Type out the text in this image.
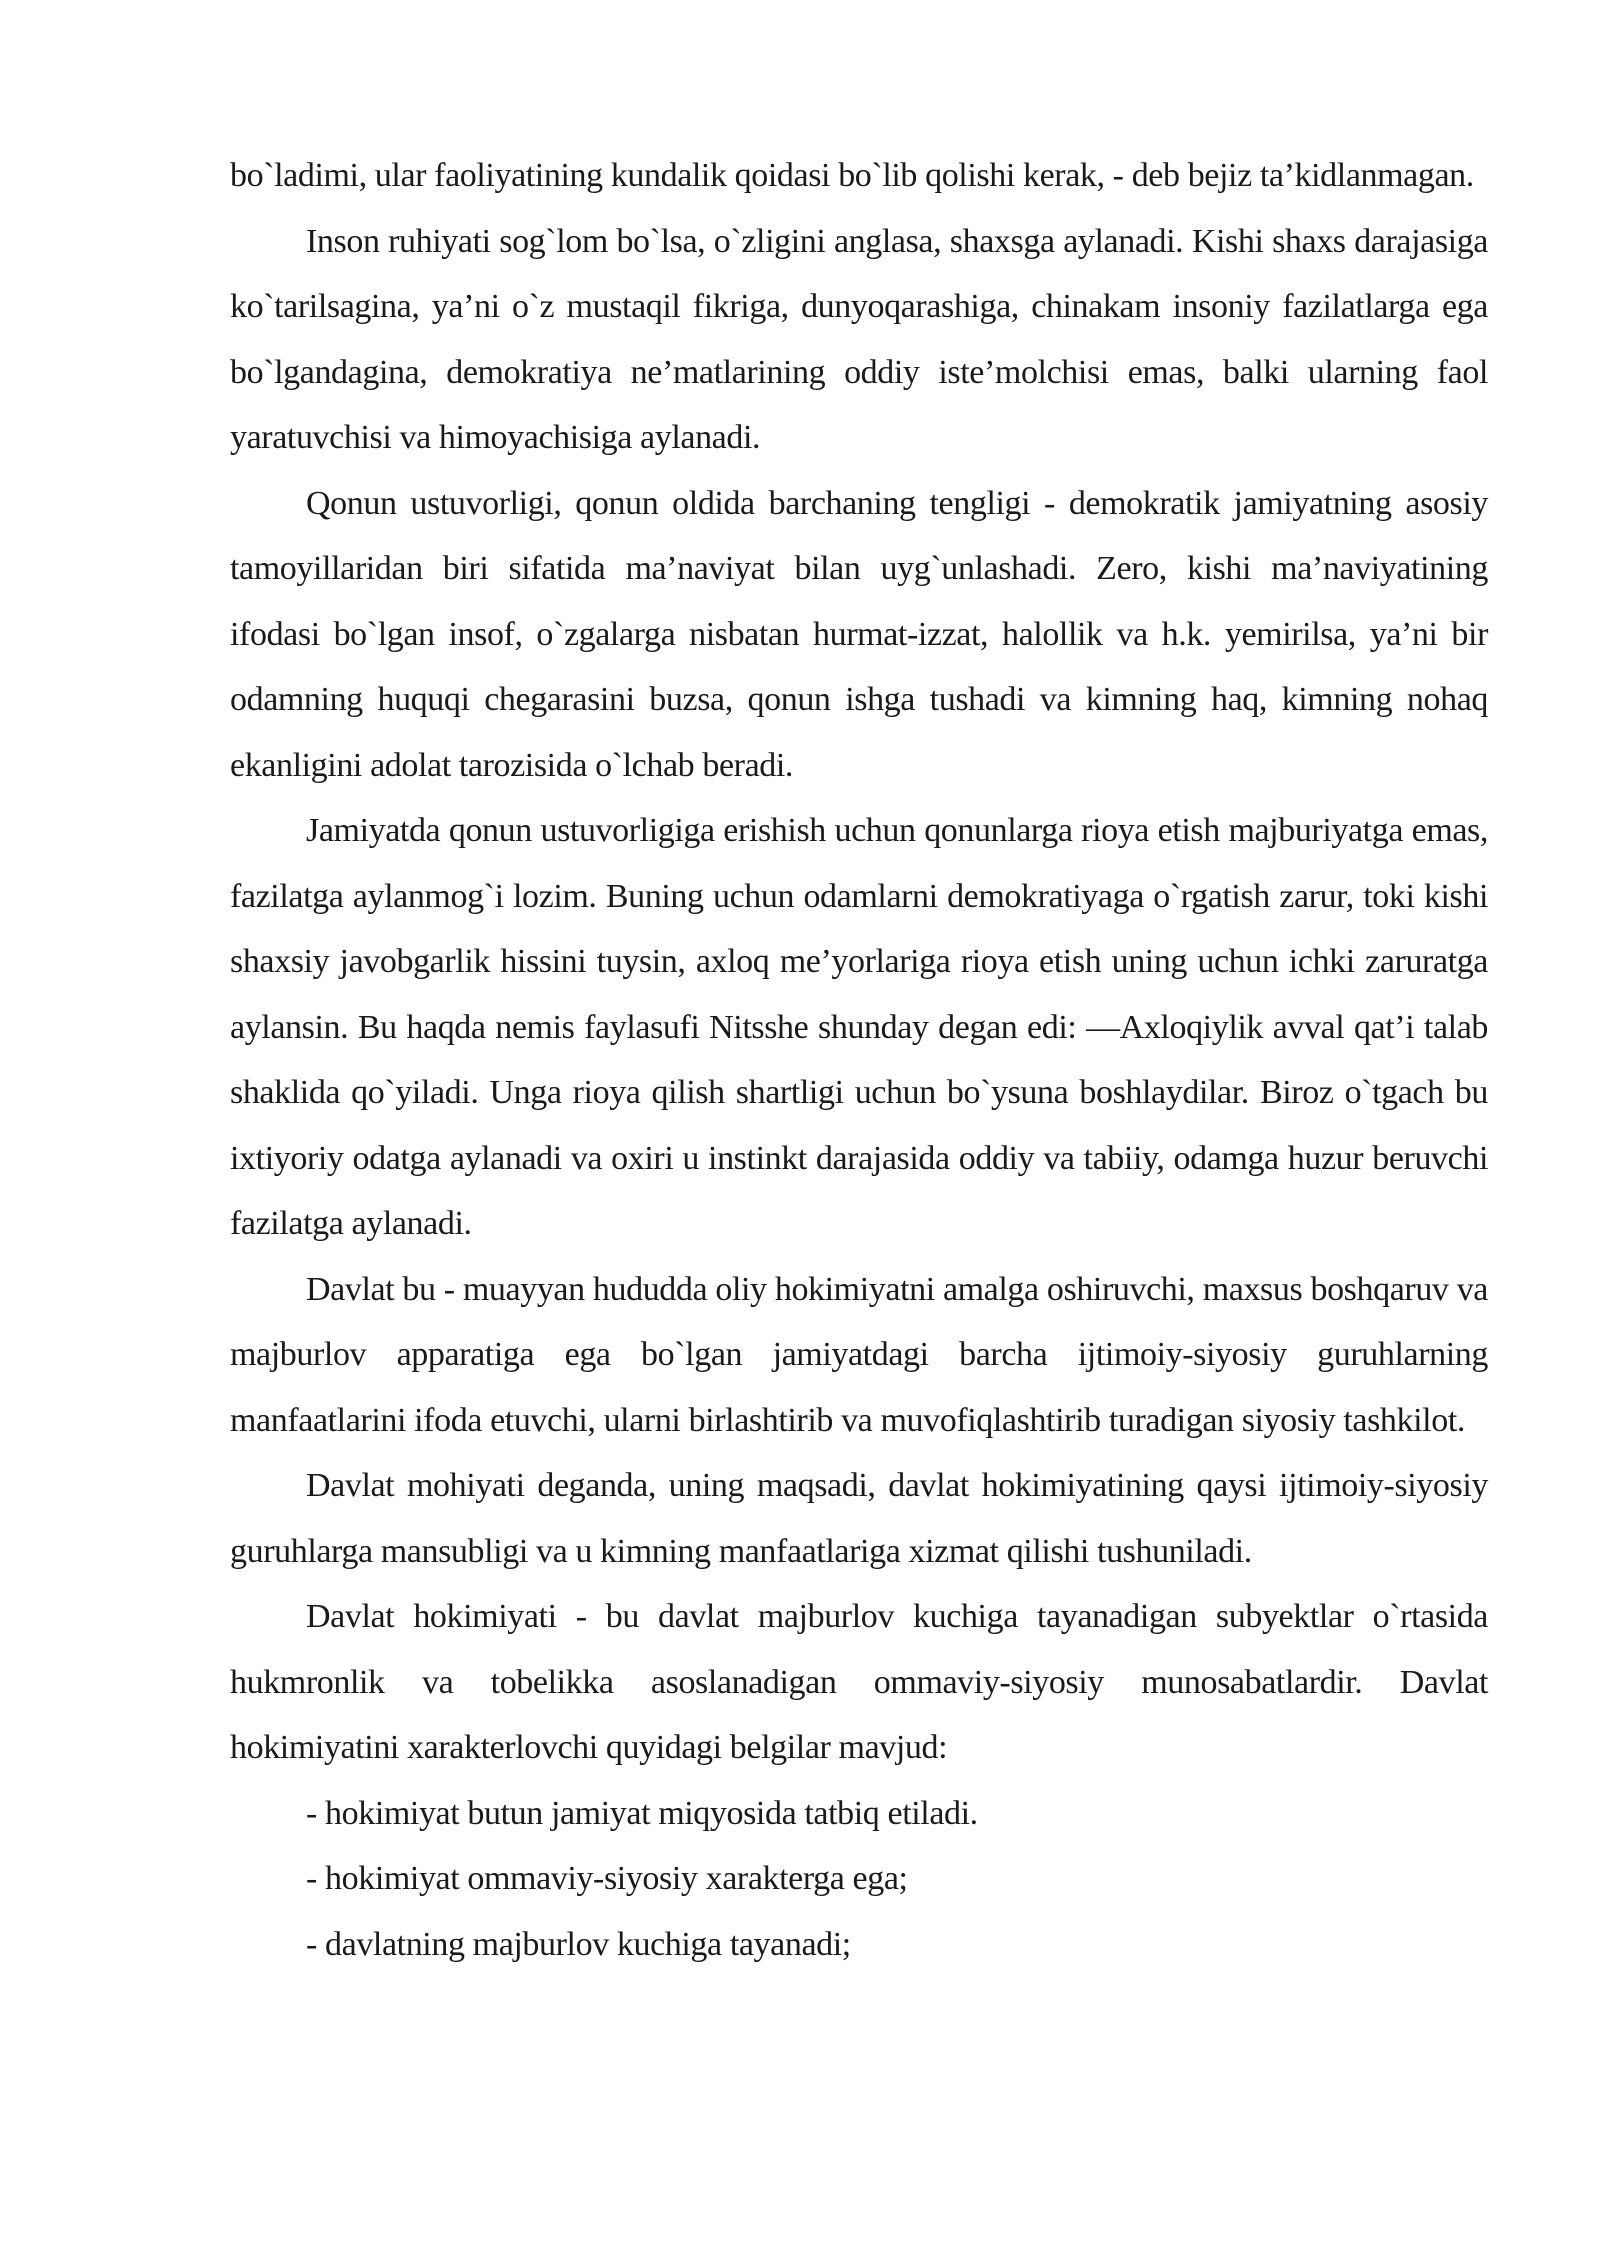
bo`ladimi, ular faoliyatining kundalik qoidasi bo`lib qolishi kerak, - deb bejiz ta’kidlanmagan.

Inson ruhiyati sog`lom bo`lsa, o`zligini anglasa, shaxsga aylanadi. Kishi shaxs darajasiga ko`tarilsagina, ya’ni o`z mustaqil fikriga, dunyoqarashiga, chinakam insoniy fazilatlarga ega bo`lgandagina, demokratiya ne’matlarining oddiy iste’molchisi emas, balki ularning faol yaratuvchisi va himoyachisiga aylanadi.

Qonun ustuvorligi, qonun oldida barchaning tengligi - demokratik jamiyatning asosiy tamoyillaridan biri sifatida ma’naviyat bilan uyg`unlashadi. Zero, kishi ma’naviyatining ifodasi bo`lgan insof, o`zgalarga nisbatan hurmat-izzat, halollik va h.k. yemirilsa, ya’ni bir odamning huquqi chegarasini buzsa, qonun ishga tushadi va kimning haq, kimning nohaq ekanligini adolat tarozisida o`lchab beradi.

Jamiyatda qonun ustuvorligiga erishish uchun qonunlarga rioya etish majburiyatga emas, fazilatga aylanmog`i lozim. Buning uchun odamlarni demokratiyaga o`rgatish zarur, toki kishi shaxsiy javobgarlik hissini tuysin, axloq me’yorlariga rioya etish uning uchun ichki zaruratga aylansin. Bu haqda nemis faylasufi Nitsshe shunday degan edi: ―Axloqiylik avval qat’i talab shaklida qo`yiladi. Unga rioya qilish shartligi uchun bo`ysuna boshlaydilar. Biroz o`tgach bu ixtiyoriy odatga aylanadi va oxiri u instinkt darajasida oddiy va tabiiy, odamga huzur beruvchi fazilatga aylanadi.

Davlat bu - muayyan hududda oliy hokimiyatni amalga oshiruvchi, maxsus boshqaruv va majburlov apparatiga ega bo`lgan jamiyatdagi barcha ijtimoiy-siyosiy guruhlarning manfaatlarini ifoda etuvchi, ularni birlashtirib va muvofiqlashtirib turadigan siyosiy tashkilot.

Davlat mohiyati deganda, uning maqsadi, davlat hokimiyatining qaysi ijtimoiy-siyosiy guruhlarga mansubligi va u kimning manfaatlariga xizmat qilishi tushuniladi.

Davlat hokimiyati - bu davlat majburlov kuchiga tayanadigan subyektlar o`rtasida hukmronlik va tobelikka asoslanadigan ommaviy-siyosiy munosabatlardir. Davlat hokimiyatini xarakterlovchi quyidagi belgilar mavjud:

- hokimiyat butun jamiyat miqyosida tatbiq etiladi.

- hokimiyat ommaviy-siyosiy xarakterga ega;

- davlatning majburlov kuchiga tayanadi;
